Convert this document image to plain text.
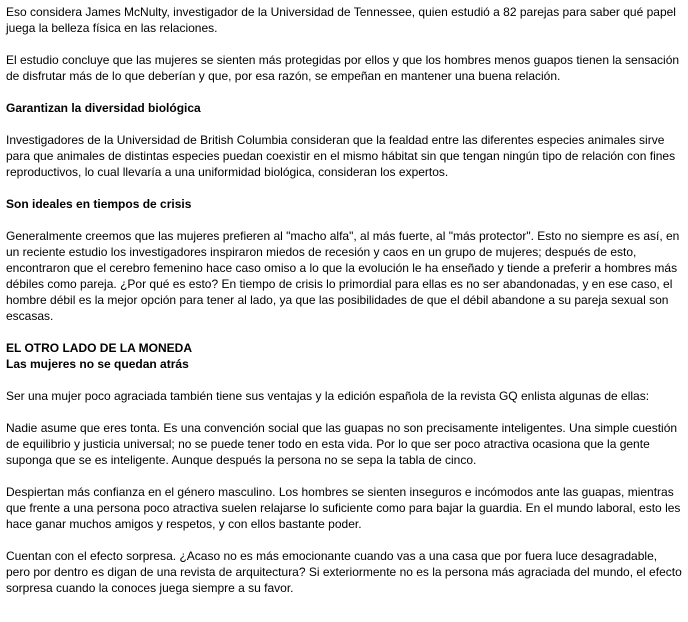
Eso considera James McNulty, investigador de la Universidad de Tennessee, quien estudió a 82 parejas para saber qué papel juega la belleza física en las relaciones.

El estudio concluye que las mujeres se sienten más protegidas por ellos y que los hombres menos guapos tienen la sensación de disfrutar más de lo que deberían y que, por esa razón, se empeñan en mantener una buena relación.

Garantizan la diversidad biológica

Investigadores de la Universidad de British Columbia consideran que la fealdad entre las diferentes especies animales sirve para que animales de distintas especies puedan coexistir en el mismo hábitat sin que tengan ningún tipo de relación con fines reproductivos, lo cual llevaría a una uniformidad biológica, consideran los expertos.

Son ideales en tiempos de crisis

Generalmente creemos que las mujeres prefieren al "macho alfa", al más fuerte, al "más protector". Esto no siempre es así, en un reciente estudio los investigadores inspiraron miedos de recesión y caos en un grupo de mujeres; después de esto, encontraron que el cerebro femenino hace caso omiso a lo que la evolución le ha enseñado y tiende a preferir a hombres más débiles como pareja. ¿Por qué es esto? En tiempo de crisis lo primordial para ellas es no ser abandonadas, y en ese caso, el hombre débil es la mejor opción para tener al lado, ya que las posibilidades de que el débil abandone a su pareja sexual son escasas.

EL OTRO LADO DE LA MONEDA
Las mujeres no se quedan atrás

Ser una mujer poco agraciada también tiene sus ventajas y la edición española de la revista GQ enlista algunas de ellas:

Nadie asume que eres tonta. Es una convención social que las guapas no son precisamente inteligentes. Una simple cuestión de equilibrio y justicia universal; no se puede tener todo en esta vida. Por lo que ser poco atractiva ocasiona que la gente suponga que se es inteligente. Aunque después la persona no se sepa la tabla de cinco.

Despiertan más confianza en el género masculino. Los hombres se sienten inseguros e incómodos ante las guapas, mientras que frente a una persona poco atractiva suelen relajarse lo suficiente como para bajar la guardia. En el mundo laboral, esto les hace ganar muchos amigos y respetos, y con ellos bastante poder.

Cuentan con el efecto sorpresa. ¿Acaso no es más emocionante cuando vas a una casa que por fuera luce desagradable, pero por dentro es digan de una revista de arquitectura? Si exteriormente no es la persona más agraciada del mundo, el efecto sorpresa cuando la conoces juega siempre a su favor.
